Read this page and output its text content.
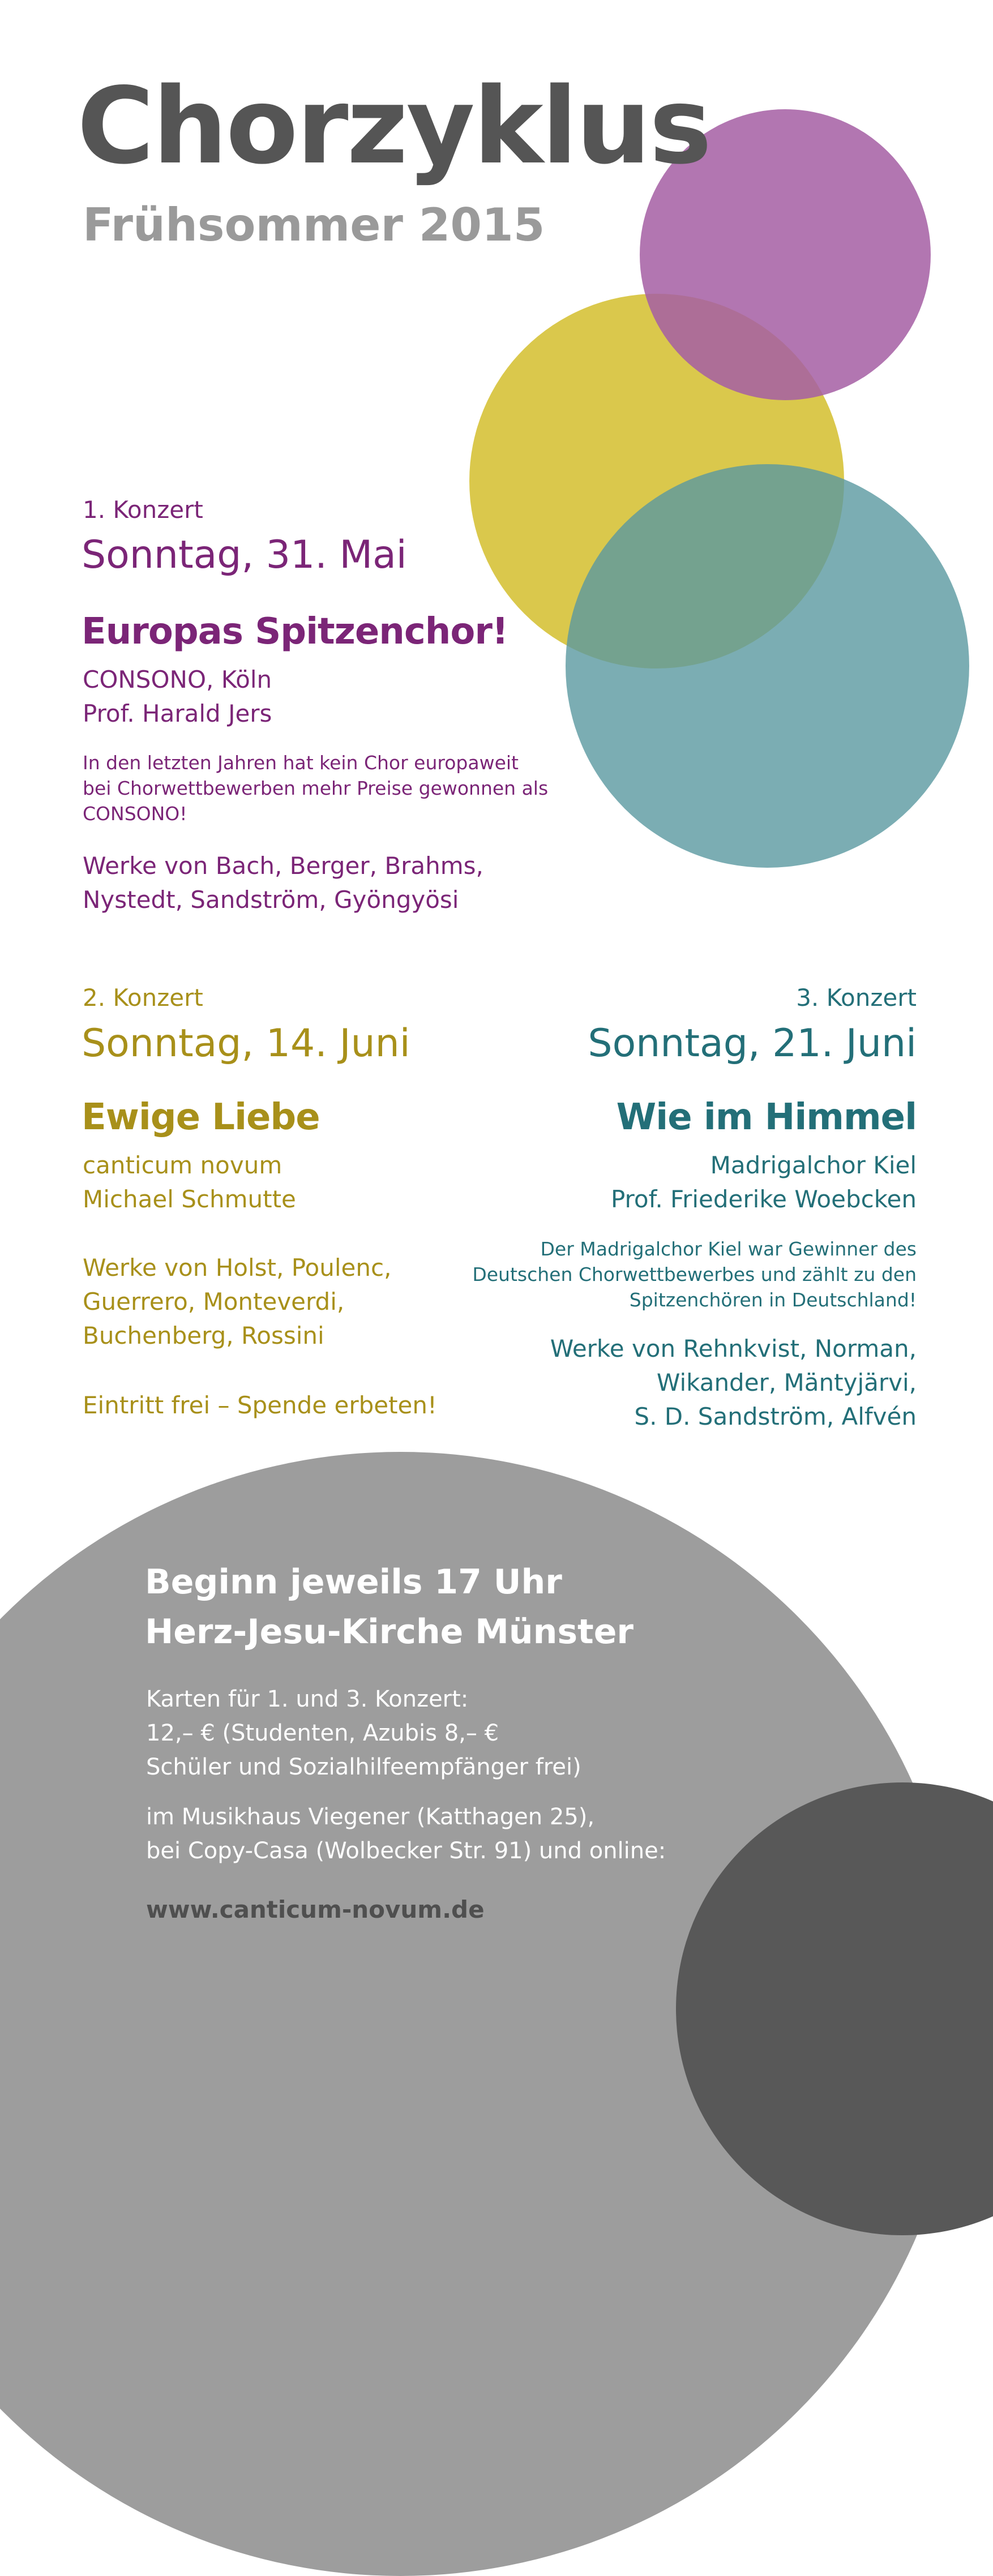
Chorzyklus
Frühsommer 2015
1. Konzert
Sonntag, 31. Mai
Europas Spitzenchor!
CONSONO, Köln
Prof. Harald Jers
In den letzten Jahren hat kein Chor europaweit
bei Chorwettbewerben mehr Preise gewonnen als
CONSONO!
Werke von Bach, Berger, Brahms,
Nystedt, Sandström, Gyöngyösi
2. Konzert
Sonntag, 14. Juni
Ewige Liebe
canticum novum
Michael Schmutte
Werke von Holst, Poulenc,
Guerrero, Monteverdi,
Buchenberg, Rossini
Eintritt frei – Spende erbeten!
3. Konzert
Sonntag, 21. Juni
Wie im Himmel
Madrigalchor Kiel
Prof. Friederike Woebcken
Der Madrigalchor Kiel war Gewinner des
Deutschen Chorwettbewerbes und zählt zu den
Spitzenchören in Deutschland!
Werke von Rehnkvist, Norman,
Wikander, Mäntyjärvi,
S. D. Sandström, Alfvén
Beginn jeweils 17 Uhr
Herz-Jesu-Kirche Münster
Karten für 1. und 3. Konzert:
12,– € (Studenten, Azubis 8,– €
Schüler und Sozialhilfeempfänger frei)
im Musikhaus Viegener (Katthagen 25),
bei Copy-Casa (Wolbecker Str. 91) und online:
www.canticum-novum.de
